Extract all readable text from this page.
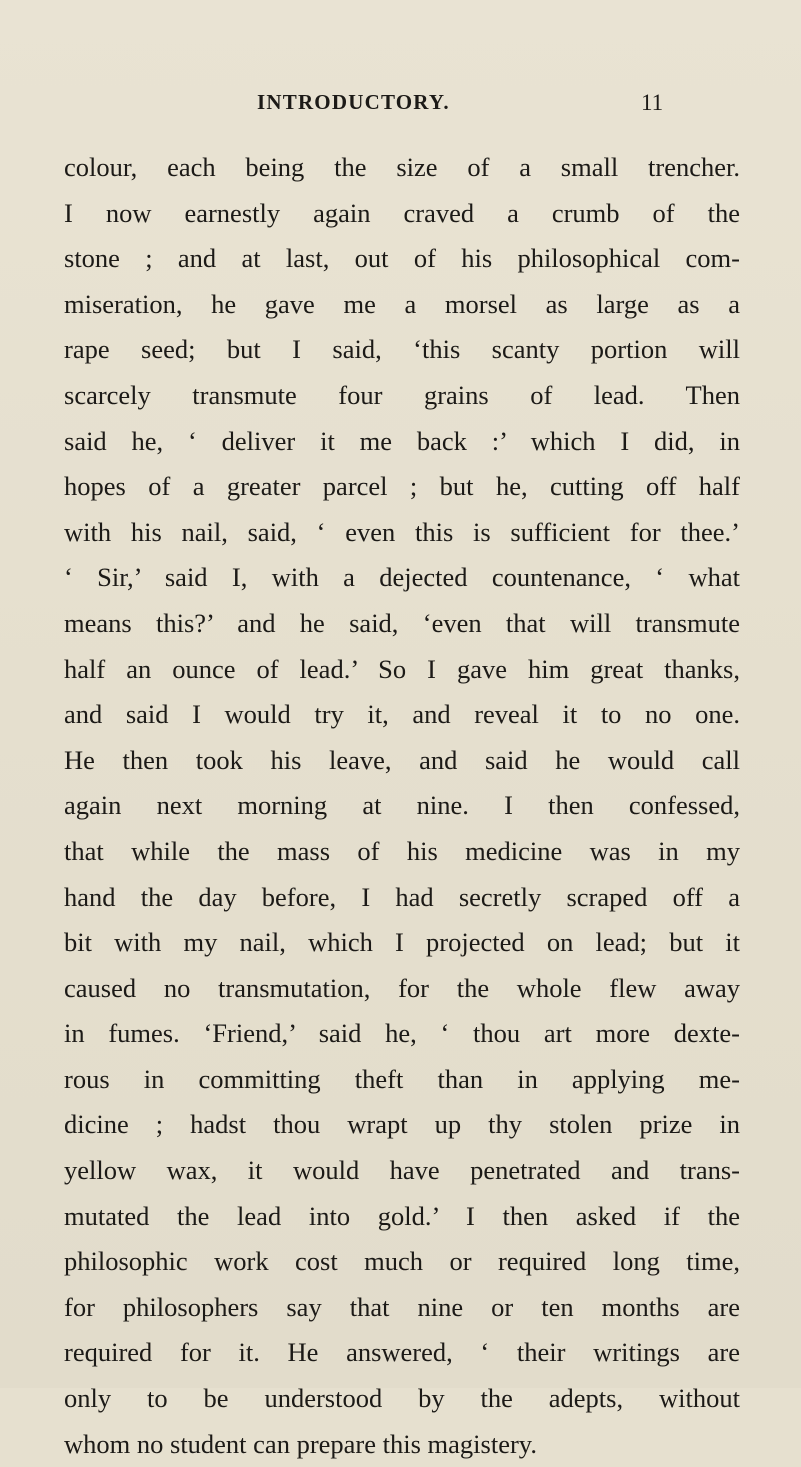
INTRODUCTORY.	11
colour, each being the size of a small trencher.
I now earnestly again craved a crumb of the
stone ; and at last, out of his philosophical com-
miseration, he gave me a morsel as large as a
rape seed; but I said, ‘this scanty portion will
scarcely transmute four grains of lead. Then
said he, ‘ deliver it me back :’ which I did, in
hopes of a greater parcel ; but he, cutting off half
with his nail, said, ‘ even this is sufficient for thee.’
‘ Sir,’ said I, with a dejected countenance, ‘ what
means this?’ and he said, ‘even that will transmute
half an ounce of lead.’ So I gave him great thanks,
and said I would try it, and reveal it to no one.
He then took his leave, and said he would call
again next morning at nine. I then confessed,
that while the mass of his medicine was in my
hand the day before, I had secretly scraped off a
bit with my nail, which I projected on lead; but it
caused no transmutation, for the whole flew away
in fumes. ‘Friend,’ said he, ‘ thou art more dexte-
rous in committing theft than in applying me-
dicine ; hadst thou wrapt up thy stolen prize in
yellow wax, it would have penetrated and trans-
mutated the lead into gold.’ I then asked if the
philosophic work cost much or required long time,
for philosophers say that nine or ten months are
required for it. He answered, ‘ their writings are
only to be understood by the adepts, without
whom no student can prepare this magistery.
